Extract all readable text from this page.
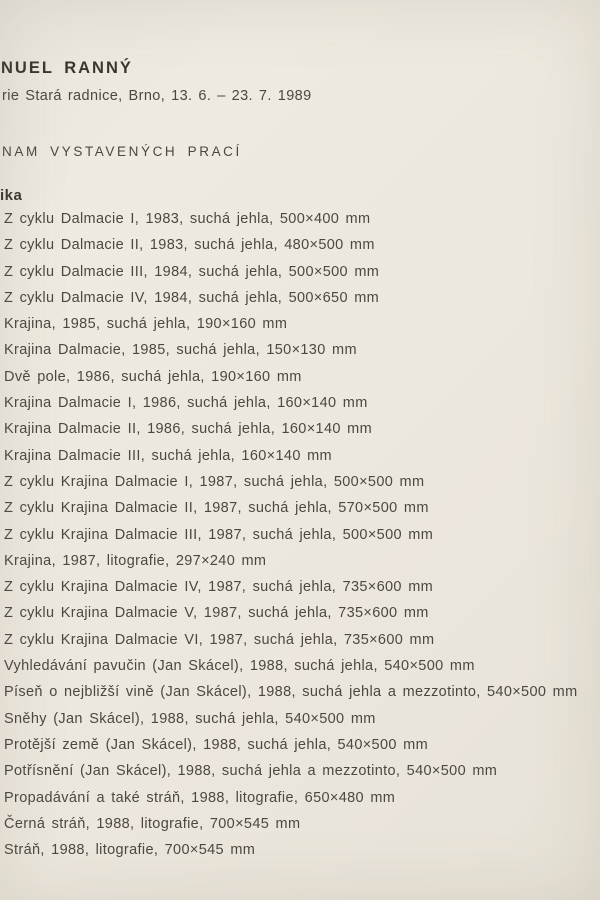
NUEL RANNÝ
rie Stará radnice, Brno, 13. 6. – 23. 7. 1989
NAM VYSTAVENÝCH PRACÍ
ika
Z cyklu Dalmacie I, 1983, suchá jehla, 500×400 mm
Z cyklu Dalmacie II, 1983, suchá jehla, 480×500 mm
Z cyklu Dalmacie III, 1984, suchá jehla, 500×500 mm
Z cyklu Dalmacie IV, 1984, suchá jehla, 500×650 mm
Krajina, 1985, suchá jehla, 190×160 mm
Krajina Dalmacie, 1985, suchá jehla, 150×130 mm
Dvě pole, 1986, suchá jehla, 190×160 mm
Krajina Dalmacie I, 1986, suchá jehla, 160×140 mm
Krajina Dalmacie II, 1986, suchá jehla, 160×140 mm
Krajina Dalmacie III, suchá jehla, 160×140 mm
Z cyklu Krajina Dalmacie I, 1987, suchá jehla, 500×500 mm
Z cyklu Krajina Dalmacie II, 1987, suchá jehla, 570×500 mm
Z cyklu Krajina Dalmacie III, 1987, suchá jehla, 500×500 mm
Krajina, 1987, litografie, 297×240 mm
Z cyklu Krajina Dalmacie IV, 1987, suchá jehla, 735×600 mm
Z cyklu Krajina Dalmacie V, 1987, suchá jehla, 735×600 mm
Z cyklu Krajina Dalmacie VI, 1987, suchá jehla, 735×600 mm
Vyhledávání pavučin (Jan Skácel), 1988, suchá jehla, 540×500 mm
Píseň o nejbližší vině (Jan Skácel), 1988, suchá jehla a mezzotinto, 540×500 mm
Sněhy (Jan Skácel), 1988, suchá jehla, 540×500 mm
Protější země (Jan Skácel), 1988, suchá jehla, 540×500 mm
Potřísnění (Jan Skácel), 1988, suchá jehla a mezzotinto, 540×500 mm
Propadávání a také stráň, 1988, litografie, 650×480 mm
Černá stráň, 1988, litografie, 700×545 mm
Stráň, 1988, litografie, 700×545 mm
